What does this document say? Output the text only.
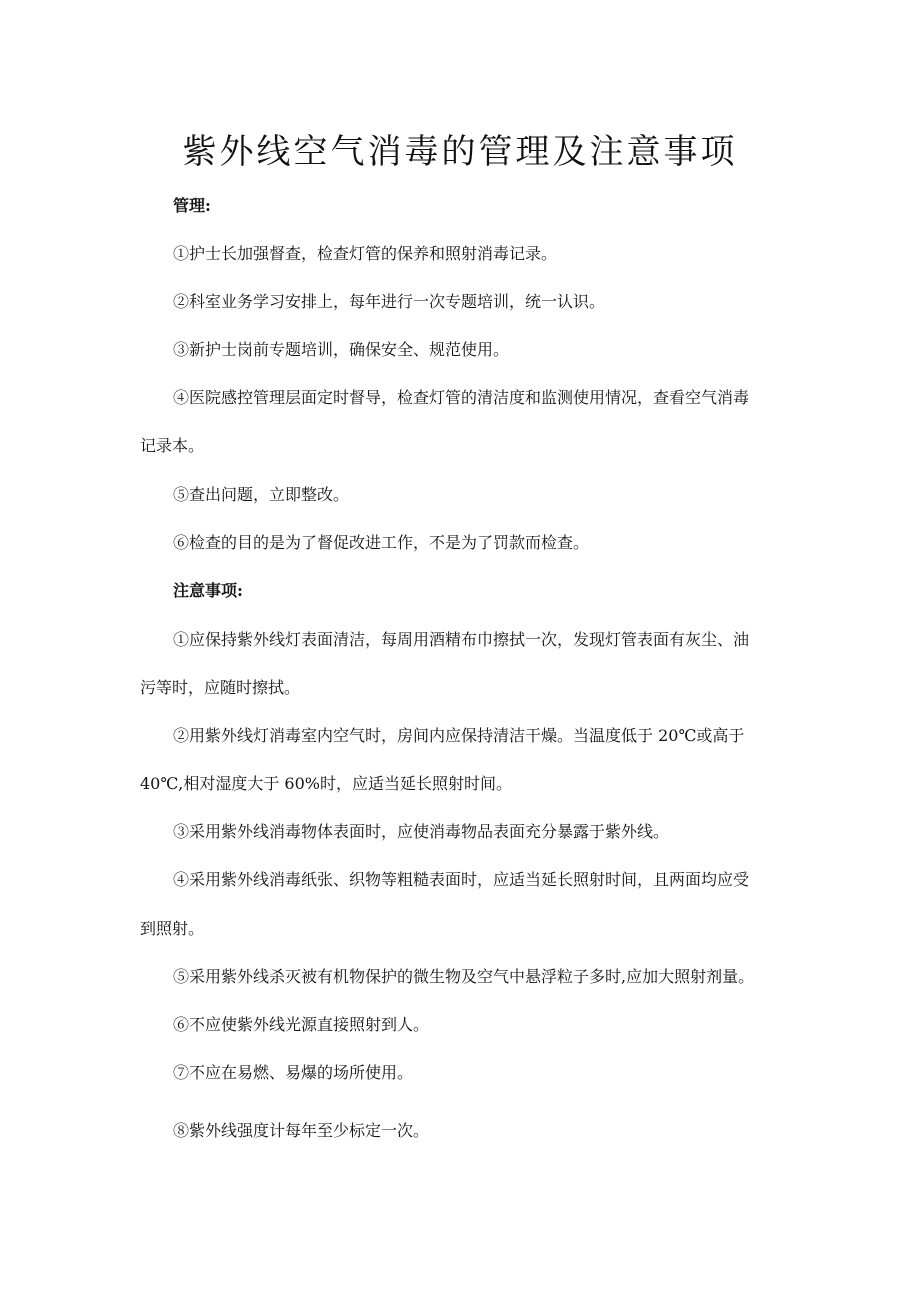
紫外线空气消毒的管理及注意事项
管理:
①护士长加强督查，检查灯管的保养和照射消毒记录。
②科室业务学习安排上，每年进行一次专题培训，统一认识。
③新护士岗前专题培训，确保安全、规范使用。
④医院感控管理层面定时督导，检查灯管的清洁度和监测使用情况，查看空气消毒
记录本。
⑤查出问题，立即整改。
⑥检查的目的是为了督促改进工作，不是为了罚款而检查。
注意事项:
①应保持紫外线灯表面清洁，每周用酒精布巾擦拭一次，发现灯管表面有灰尘、油
污等时，应随时擦拭。
②用紫外线灯消毒室内空气时，房间内应保持清洁干燥。当温度低于 20℃或高于
40℃,相对湿度大于 60%时，应适当延长照射时间。
③采用紫外线消毒物体表面时，应使消毒物品表面充分暴露于紫外线。
④采用紫外线消毒纸张、织物等粗糙表面时，应适当延长照射时间，且两面均应受
到照射。
⑤采用紫外线杀灭被有机物保护的微生物及空气中悬浮粒子多时,应加大照射剂量。
⑥不应使紫外线光源直接照射到人。
⑦不应在易燃、易爆的场所使用。
⑧紫外线强度计每年至少标定一次。
